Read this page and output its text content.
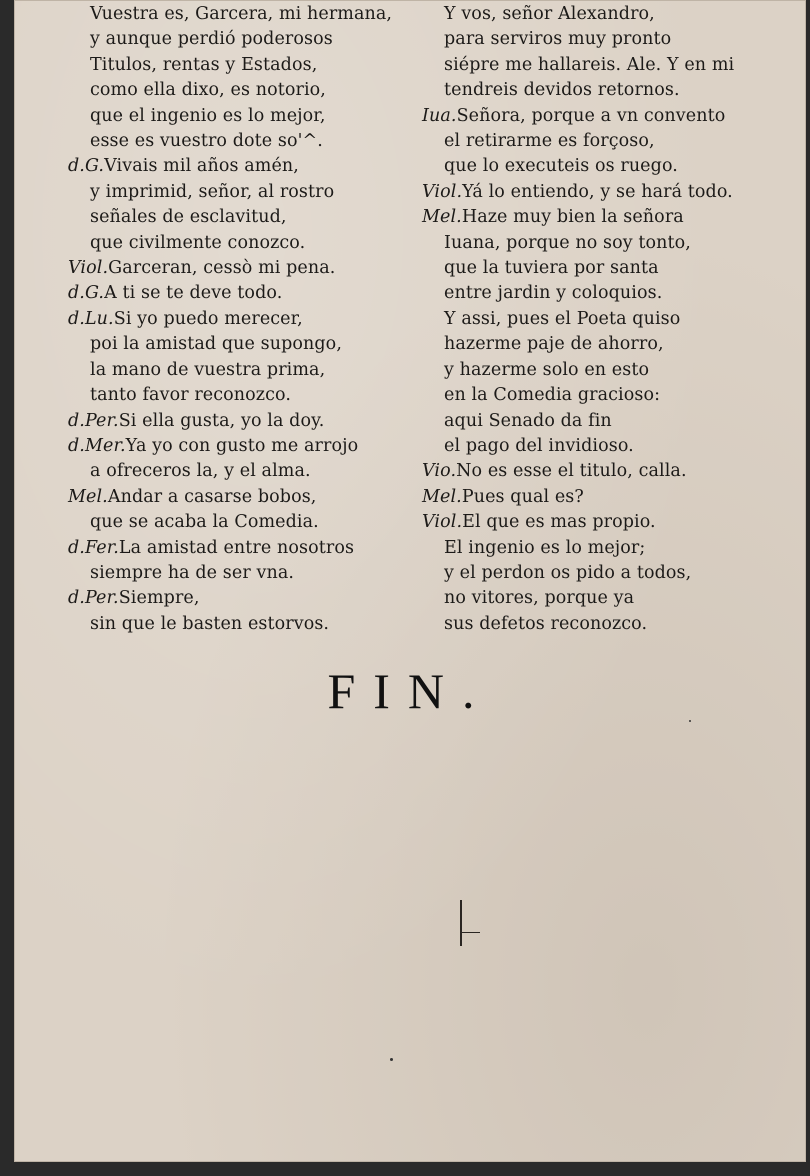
Vuestra es, Garcera, mi hermana,
y aunque perdió poderosos
Titulos, rentas y Estados,
como ella dixo, es notorio,
que el ingenio es lo mejor,
esse es vuestro dote so'^.
d.G.Vivais mil años amén,
y imprimid, señor, al rostro
señales de esclavitud,
que civilmente conozco.
Viol.Garceran, cessò mi pena.
d.G.A ti se te deve todo.
d.Lu.Si yo puedo merecer,
poi la amistad que supongo,
la mano de vuestra prima,
tanto favor reconozco.
d.Per.Si ella gusta, yo la doy.
d.Mer.Ya yo con gusto me arrojo
a ofreceros la, y el alma.
Mel.Andar a casarse bobos,
que se acaba la Comedia.
d.Fer.La amistad entre nosotros
siempre ha de ser vna.
d.Per.Siempre,
sin que le basten estorvos.
Y vos, señor Alexandro,
para serviros muy pronto
siépre me hallareis. Ale. Y en mi
tendreis devidos retornos.
Iua.Señora, porque a vn convento
el retirarme es forçoso,
que lo executeis os ruego.
Viol.Yá lo entiendo, y se hará todo.
Mel.Haze muy bien la señora
Iuana, porque no soy tonto,
que la tuviera por santa
entre jardin y coloquios.
Y assi, pues el Poeta quiso
hazerme paje de ahorro,
y hazerme solo en esto
en la Comedia gracioso:
aqui Senado da fin
el pago del invidioso.
Vio.No es esse el titulo, calla.
Mel.Pues qual es?
Viol.El que es mas propio.
El ingenio es lo mejor;
y el perdon os pido a todos,
no vitores, porque ya
sus defetos reconozco.
FIN.
